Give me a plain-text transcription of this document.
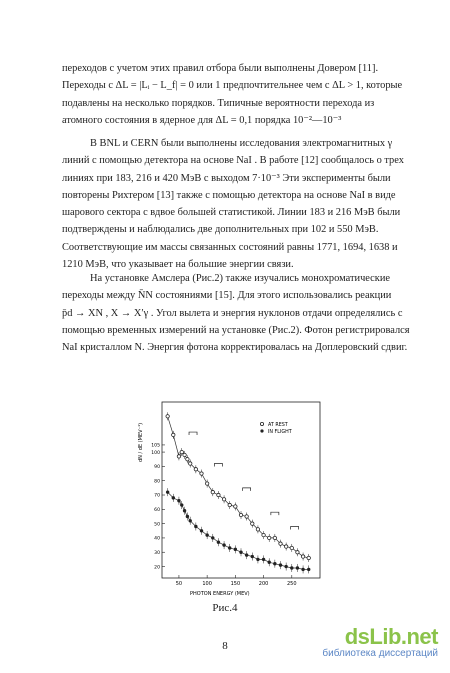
переходов с учетом этих правил отбора были выполнены Довером [11].
Переходы с ΔL = |Lᵢ − L_f| = 0 или 1 предпочтительнее чем с ΔL > 1, которые
подавлены на несколько порядков. Типичные вероятности перехода из
атомного состояния в ядерное для ΔL = 0,1 порядка 10⁻²—10⁻³
В BNL и CERN были выполнены исследования электромагнитных γ
линий с помощью детектора на основе NaI . В работе [12] сообщалось о трех
линиях при 183, 216 и 420 МэВ с выходом 7·10⁻³ Эти эксперименты были
повторены Рихтером [13] также с помощью детектора на основе NaI в виде
шарового сектора с вдвое большей статистикой. Линии 183 и 216 МэВ были
подтверждены и наблюдались две дополнительных при 102 и 550 МэВ.
Соответствующие им массы связанных состояний равны 1771, 1694, 1638 и
1210 МэВ, что указывает на большие энергии связи.
На установке Амслера (Рис.2) также изучались монохроматические
переходы между N̄N состояниями [15]. Для этого использовались реакции
p̄d → XN , X → X′γ . Угол вылета и энергия нуклонов отдачи определялись с
помощью временных измерений на установке (Рис.2). Фотон регистрировался
NaI кристаллом N. Энергия фотона корректировалась на Доплеровский сдвиг.
50	100	150	200	250
20
30
40
50
60
70
80
90
100
105
AT REST
IN FLIGHT
dN / dE (MEV⁻¹)
PHOTON ENERGY (MEV)
Рис.4
8	dsLib.net
библиотека диссертаций
